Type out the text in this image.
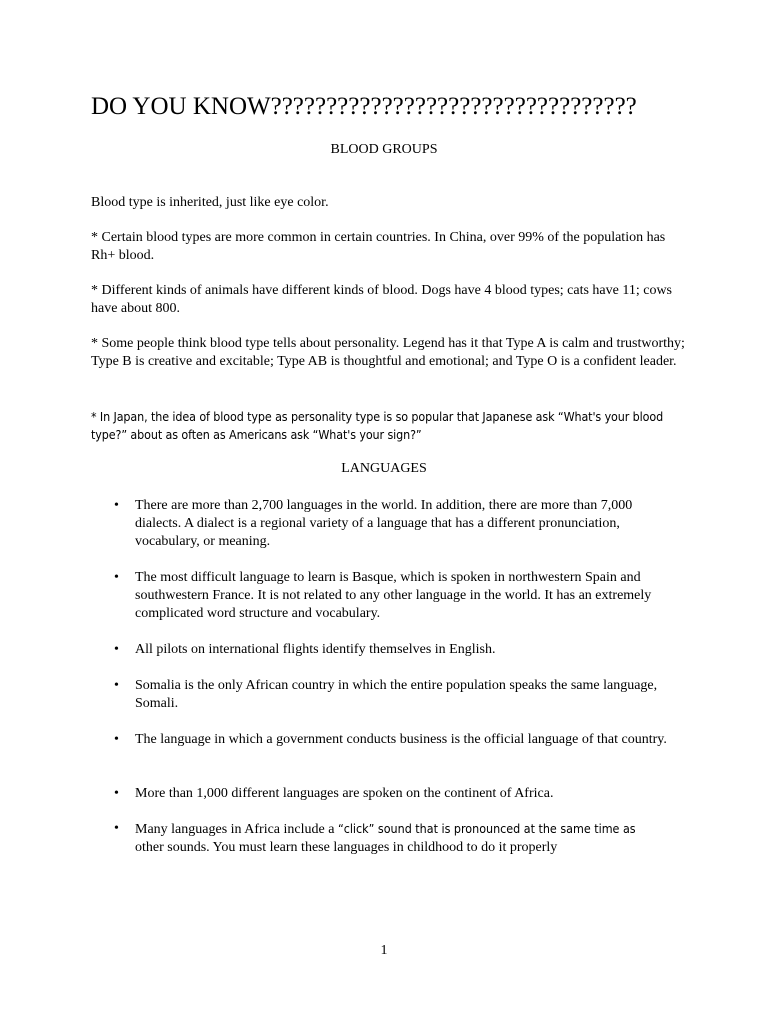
DO YOU KNOW?????????????????????????????????
BLOOD GROUPS

Blood type is inherited, just like eye color.

* Certain blood types are more common in certain countries. In China, over 99% of the population has Rh+ blood.

* Different kinds of animals have different kinds of blood. Dogs have 4 blood types; cats have 11; cows have about 800.

* Some people think blood type tells about personality. Legend has it that Type A is calm and trustworthy; Type B is creative and excitable; Type AB is thoughtful and emotional; and Type O is a confident leader.

* In Japan, the idea of blood type as personality type is so popular that Japanese ask “What's your blood type?” about as often as Americans ask “What's your sign?”

LANGUAGES
• There are more than 2,700 languages in the world. In addition, there are more than 7,000 dialects. A dialect is a regional variety of a language that has a different pronunciation, vocabulary, or meaning.

• The most difficult language to learn is Basque, which is spoken in northwestern Spain and southwestern France. It is not related to any other language in the world. It has an extremely complicated word structure and vocabulary.

• All pilots on international flights identify themselves in English.

• Somalia is the only African country in which the entire population speaks the same language, Somali.

• The language in which a government conducts business is the official language of that country.

• More than 1,000 different languages are spoken on the continent of Africa.

• Many languages in Africa include a “click” sound that is pronounced at the same time as
other sounds. You must learn these languages in childhood to do it properly

1
